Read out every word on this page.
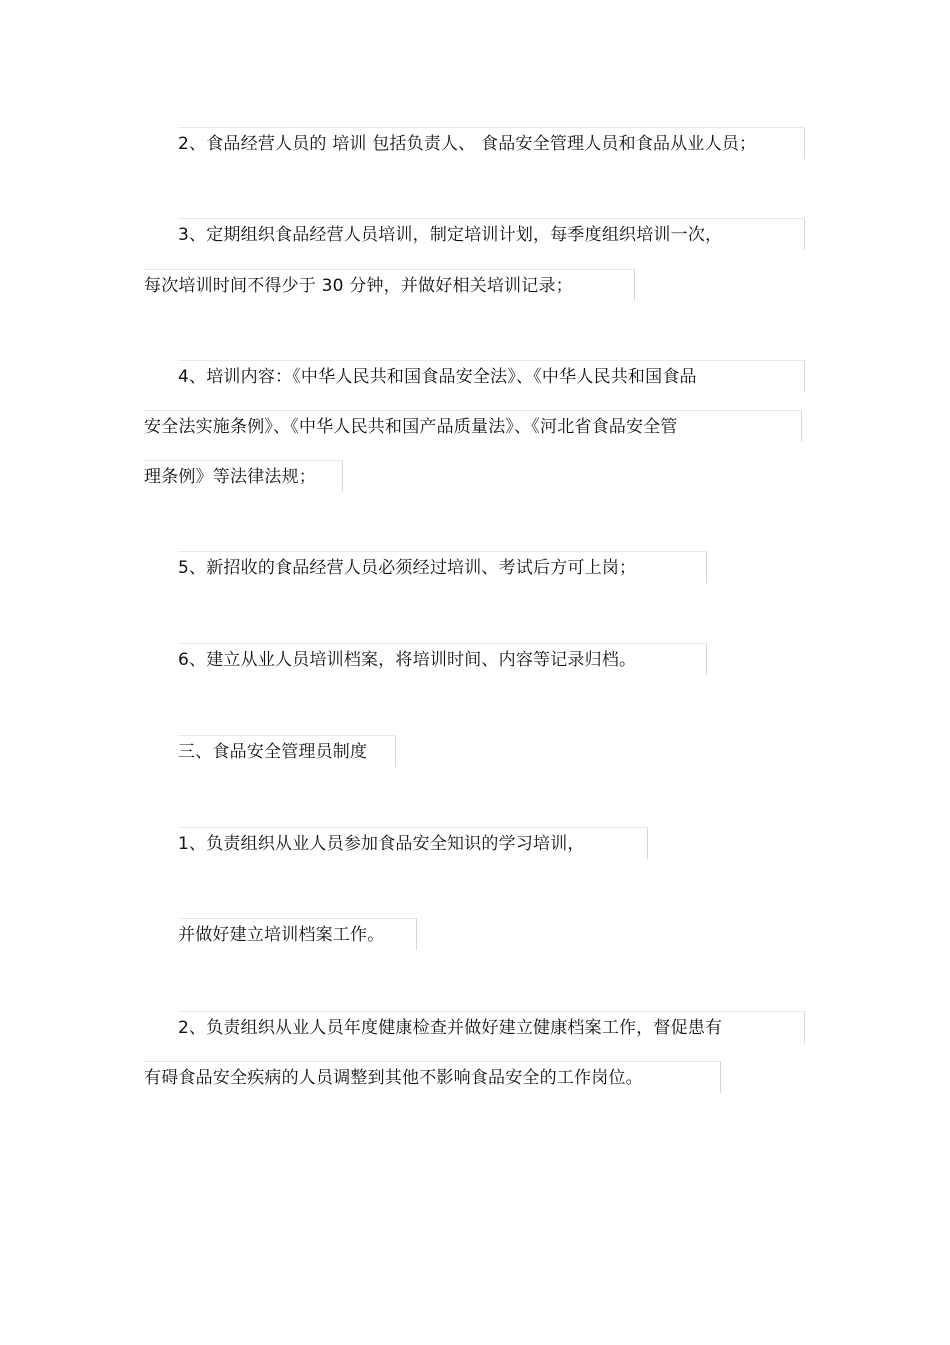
2、食品经营人员的 培训 包括负责人、 食品安全管理人员和食品从业人员；
3、定期组织食品经营人员培训，制定培训计划，每季度组织培训一次，
每次培训时间不得少于 30 分钟，并做好相关培训记录；
4、培训内容：《中华人民共和国食品安全法》、《中华人民共和国食品
安全法实施条例》、《中华人民共和国产品质量法》、《河北省食品安全管
理条例》等法律法规；
5、新招收的食品经营人员必须经过培训、考试后方可上岗；
6、建立从业人员培训档案，将培训时间、内容等记录归档。
三、食品安全管理员制度
1、负责组织从业人员参加食品安全知识的学习培训，
并做好建立培训档案工作。
2、负责组织从业人员年度健康检查并做好建立健康档案工作，督促患有
有碍食品安全疾病的人员调整到其他不影响食品安全的工作岗位。
